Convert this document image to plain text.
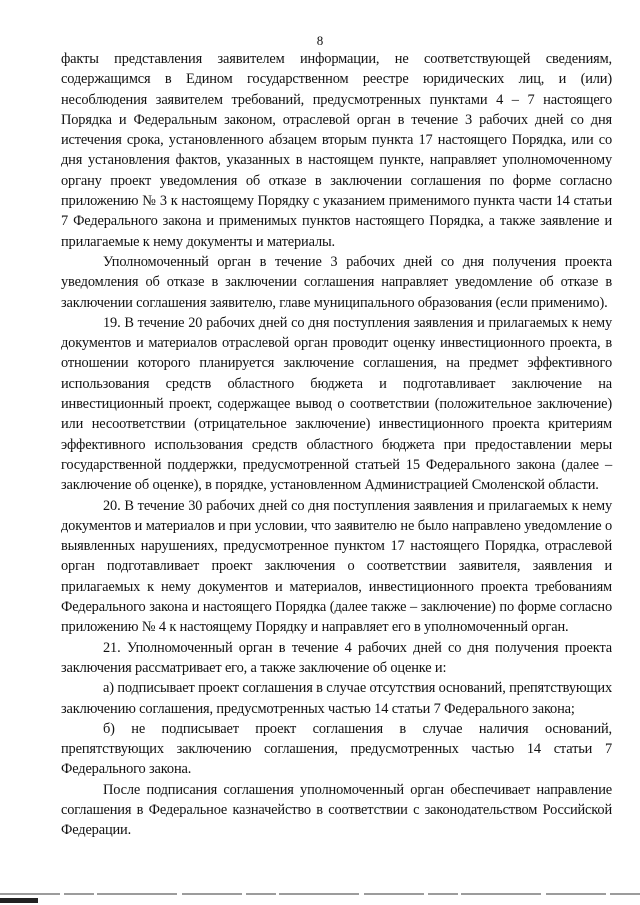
8

факты представления заявителем информации, не соответствующей сведениям, содержащимся в Едином государственном реестре юридических лиц, и (или) несоблюдения заявителем требований, предусмотренных пунктами 4 – 7 настоящего Порядка и Федеральным законом, отраслевой орган в течение 3 рабочих дней со дня истечения срока, установленного абзацем вторым пункта 17 настоящего Порядка, или со дня установления фактов, указанных в настоящем пункте, направляет уполномоченному органу проект уведомления об отказе в заключении соглашения по форме согласно приложению № 3 к настоящему Порядку с указанием применимого пункта части 14 статьи 7 Федерального закона и применимых пунктов настоящего Порядка, а также заявление и прилагаемые к нему документы и материалы.

Уполномоченный орган в течение 3 рабочих дней со дня получения проекта уведомления об отказе в заключении соглашения направляет уведомление об отказе в заключении соглашения заявителю, главе муниципального образования (если применимо).

19. В течение 20 рабочих дней со дня поступления заявления и прилагаемых к нему документов и материалов отраслевой орган проводит оценку инвестиционного проекта, в отношении которого планируется заключение соглашения, на предмет эффективного использования средств областного бюджета и подготавливает заключение на инвестиционный проект, содержащее вывод о соответствии (положительное заключение) или несоответствии (отрицательное заключение) инвестиционного проекта критериям эффективного использования средств областного бюджета при предоставлении меры государственной поддержки, предусмотренной статьей 15 Федерального закона (далее – заключение об оценке), в порядке, установленном Администрацией Смоленской области.

20. В течение 30 рабочих дней со дня поступления заявления и прилагаемых к нему документов и материалов и при условии, что заявителю не было направлено уведомление о выявленных нарушениях, предусмотренное пунктом 17 настоящего Порядка, отраслевой орган подготавливает проект заключения о соответствии заявителя, заявления и прилагаемых к нему документов и материалов, инвестиционного проекта требованиям Федерального закона и настоящего Порядка (далее также – заключение) по форме согласно приложению № 4 к настоящему Порядку и направляет его в уполномоченный орган.

21. Уполномоченный орган в течение 4 рабочих дней со дня получения проекта заключения рассматривает его, а также заключение об оценке и:

а) подписывает проект соглашения в случае отсутствия оснований, препятствующих заключению соглашения, предусмотренных частью 14 статьи 7 Федерального закона;

б) не подписывает проект соглашения в случае наличия оснований, препятствующих заключению соглашения, предусмотренных частью 14 статьи 7 Федерального закона.

После подписания соглашения уполномоченный орган обеспечивает направление соглашения в Федеральное казначейство в соответствии с законодательством Российской Федерации.
